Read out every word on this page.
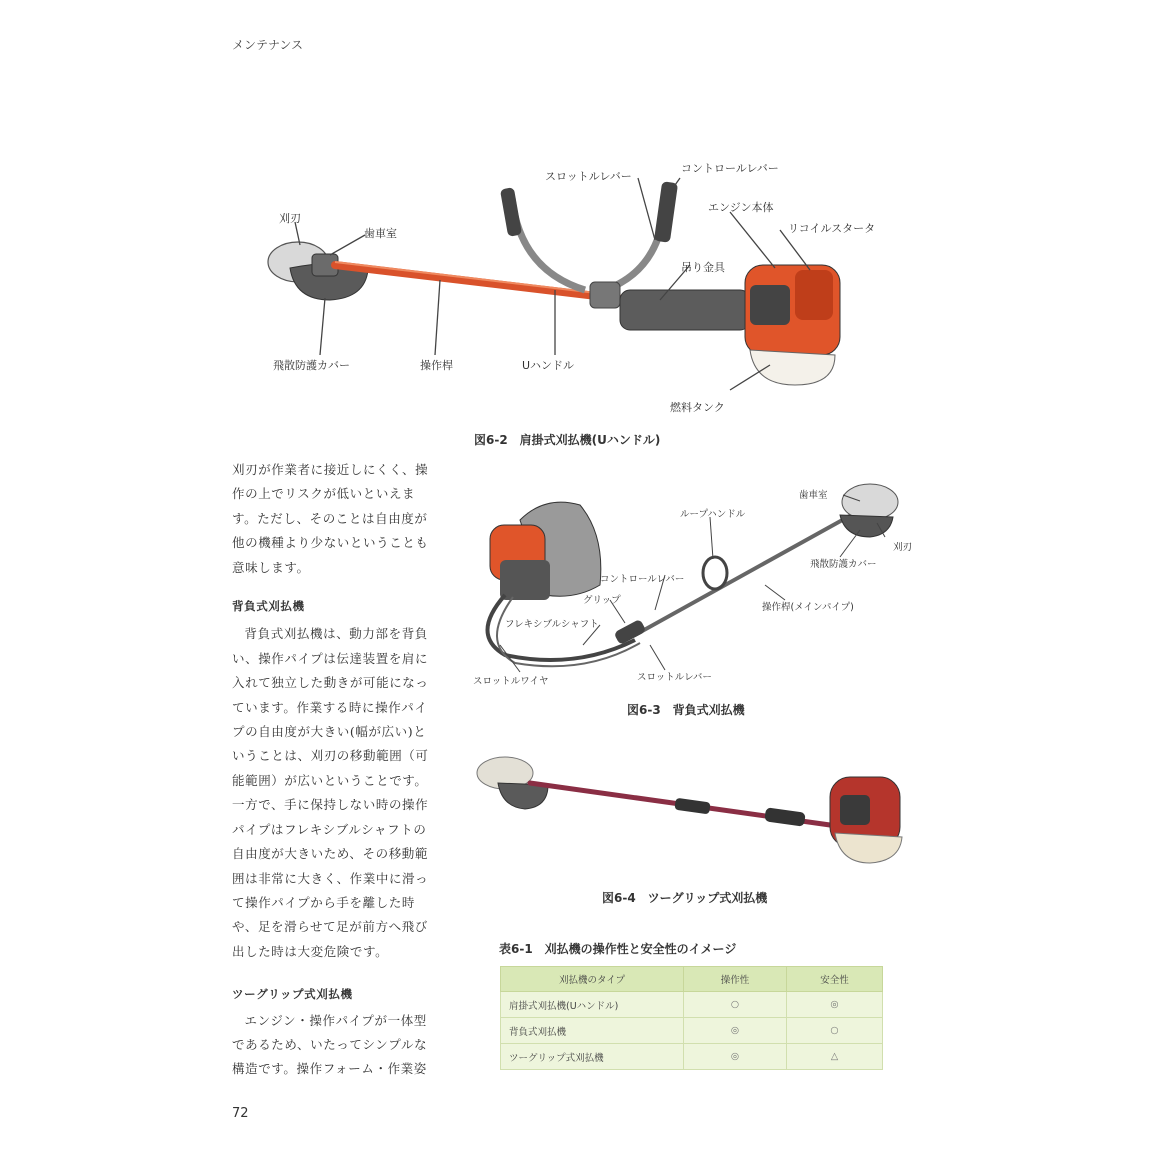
メンテナンス
刈刃
歯車室
飛散防護カバー	操作桿	Uハンドル
スロットルレバー
コントロールレバー
エンジン本体
リコイルスタータ
吊り金具
燃料タンク
図6-2　肩掛式刈払機(Uハンドル)

刈刃が作業者に接近しにくく、操

作の上でリスクが低いといえま

す。ただし、そのことは自由度が

他の機種より少ないということも

意味します。

背負式刈払機

背負式刈払機は、動力部を背負

い、操作パイプは伝達装置を肩に

入れて独立した動きが可能になっ

ています。作業する時に操作パイ

プの自由度が大きい(幅が広い)と

いうことは、刈刃の移動範囲（可

能範囲）が広いということです。

一方で、手に保持しない時の操作

パイプはフレキシブルシャフトの

自由度が大きいため、その移動範

囲は非常に大きく、作業中に滑っ

て操作パイプから手を離した時

や、足を滑らせて足が前方へ飛び

出した時は大変危険です。

ツーグリップ式刈払機

エンジン・操作パイプが一体型

であるため、いたってシンプルな

構造です。操作フォーム・作業姿

歯車室
刈刃
ループハンドル
飛散防護カバー
コントロールレバー
グリップ
操作桿(メインパイプ)
フレキシブルシャフト
スロットルレバー
スロットルワイヤ
図6-3　背負式刈払機
図6-4　ツーグリップ式刈払機
表6-1　刈払機の操作性と安全性のイメージ
刈払機のタイプ	操作性	安全性
肩掛式刈払機(Uハンドル)	○	◎
背負式刈払機	◎	○
ツーグリップ式刈払機	◎	△
72
